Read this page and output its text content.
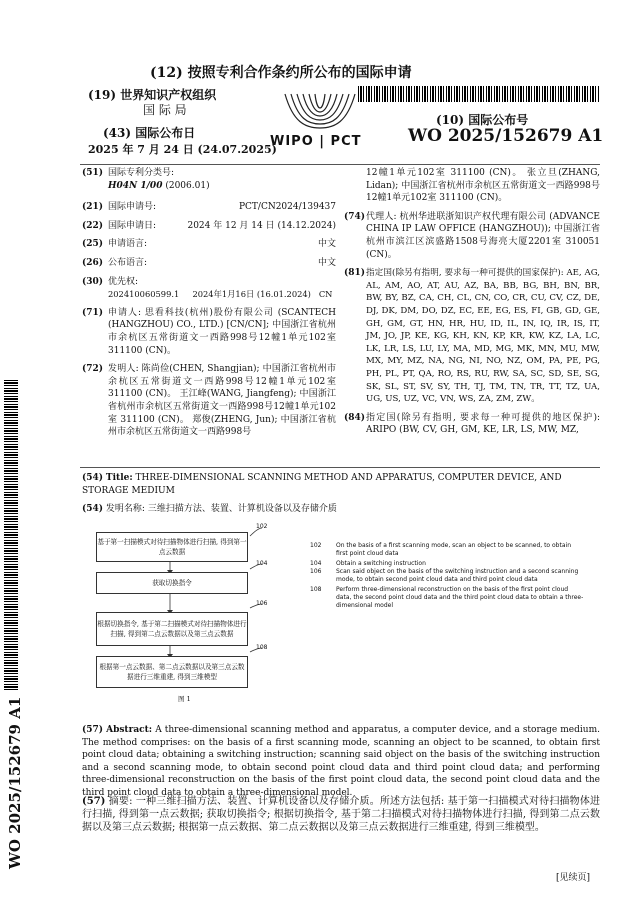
(12) 按照专利合作条约所公布的国际申请
(19) 世界知识产权组织
国 际 局
(43) 国际公布日
2025 年 7 月 24 日 (24.07.2025)
WIPO | PCT
(10) 国际公布号
WO 2025/152679 A1
(51) 国际专利分类号:
H04N 1/00 (2006.01)
(21) 国际申请号:	PCT/CN2024/139437
(22) 国际申请日:	2024 年 12 月 14 日 (14.12.2024)
(25) 申请语言:	中文
(26) 公布语言:	中文
(30) 优先权:
202410060599.1     2024年1月16日 (16.01.2024)   CN
(71) 申请人: 思看科技(杭州)股份有限公司 (SCANTECH (HANGZHOU) CO., LTD.) [CN/CN]; 中国浙江省杭州市余杭区五常街道文一西路998号12幢1单元102室 311100 (CN)。
(72) 发明人: 陈尚俭(CHEN, Shangjian); 中国浙江省杭州市余杭区五常街道文一西路998号12幢1单元102室 311100 (CN)。 王江峰(WANG, Jiangfeng); 中国浙江省杭州市余杭区五常街道文一西路998号12幢1单元102室 311100 (CN)。 郑俊(ZHENG, Jun); 中国浙江省杭州市余杭区五常街道文一西路998号
12幢1单元102室 311100 (CN)。 张立旦(ZHANG, Lidan); 中国浙江省杭州市余杭区五常街道文一西路998号12幢1单元102室 311100 (CN)。
(74) 代理人: 杭州华进联浙知识产权代理有限公司 (ADVANCE CHINA IP LAW OFFICE (HANGZHOU)); 中国浙江省杭州市滨江区滨盛路1508号海亮大厦2201室 310051 (CN)。
(81) 指定国(除另有指明, 要求每一种可提供的国家保护): AE, AG, AL, AM, AO, AT, AU, AZ, BA, BB, BG, BH, BN, BR, BW, BY, BZ, CA, CH, CL, CN, CO, CR, CU, CV, CZ, DE, DJ, DK, DM, DO, DZ, EC, EE, EG, ES, FI, GB, GD, GE, GH, GM, GT, HN, HR, HU, ID, IL, IN, IQ, IR, IS, IT, JM, JO, JP, KE, KG, KH, KN, KP, KR, KW, KZ, LA, LC, LK, LR, LS, LU, LY, MA, MD, MG, MK, MN, MU, MW, MX, MY, MZ, NA, NG, NI, NO, NZ, OM, PA, PE, PG, PH, PL, PT, QA, RO, RS, RU, RW, SA, SC, SD, SE, SG, SK, SL, ST, SV, SY, TH, TJ, TM, TN, TR, TT, TZ, UA, UG, US, UZ, VC, VN, WS, ZA, ZM, ZW。
(84) 指定国(除另有指明, 要求每一种可提供的地区保护): ARIPO (BW, CV, GH, GM, KE, LR, LS, MW, MZ,
(54) Title: THREE-DIMENSIONAL SCANNING METHOD AND APPARATUS, COMPUTER DEVICE, AND STORAGE MEDIUM
(54) 发明名称: 三维扫描方法、装置、计算机设备以及存储介质
102
104
106
108
基于第一扫描模式对待扫描物体进行扫描, 得到第一点云数据
获取切换指令
根据切换指令, 基于第二扫描模式对待扫描物体进行扫描, 得到第二点云数据以及第三点云数据
根据第一点云数据、第二点云数据以及第三点云数据进行三维重建, 得到三维模型
图 1
102 On the basis of a first scanning mode, scan an object to be scanned, to obtain first point cloud data
104 Obtain a switching instruction
106 Scan said object on the basis of the switching instruction and a second scanning mode, to obtain second point cloud data and third point cloud data
108 Perform three-dimensional reconstruction on the basis of the first point cloud data, the second point cloud data and the third point cloud data to obtain a three-dimensional model
(57) Abstract: A three-dimensional scanning method and apparatus, a computer device, and a storage medium. The method comprises: on the basis of a first scanning mode, scanning an object to be scanned, to obtain first point cloud data; obtaining a switching instruction; scanning said object on the basis of the switching instruction and a second scanning mode, to obtain second point cloud data and third point cloud data; and performing three-dimensional reconstruction on the basis of the first point cloud data, the second point cloud data and the third point cloud data to obtain a three-dimensional model.
(57) 摘要: 一种三维扫描方法、装置、计算机设备以及存储介质。所述方法包括: 基于第一扫描模式对待扫描物体进行扫描, 得到第一点云数据; 获取切换指令; 根据切换指令, 基于第二扫描模式对待扫描物体进行扫描, 得到第二点云数据以及第三点云数据; 根据第一点云数据、第二点云数据以及第三点云数据进行三维重建, 得到三维模型。
[见续页]
WO 2025/152679 A1
